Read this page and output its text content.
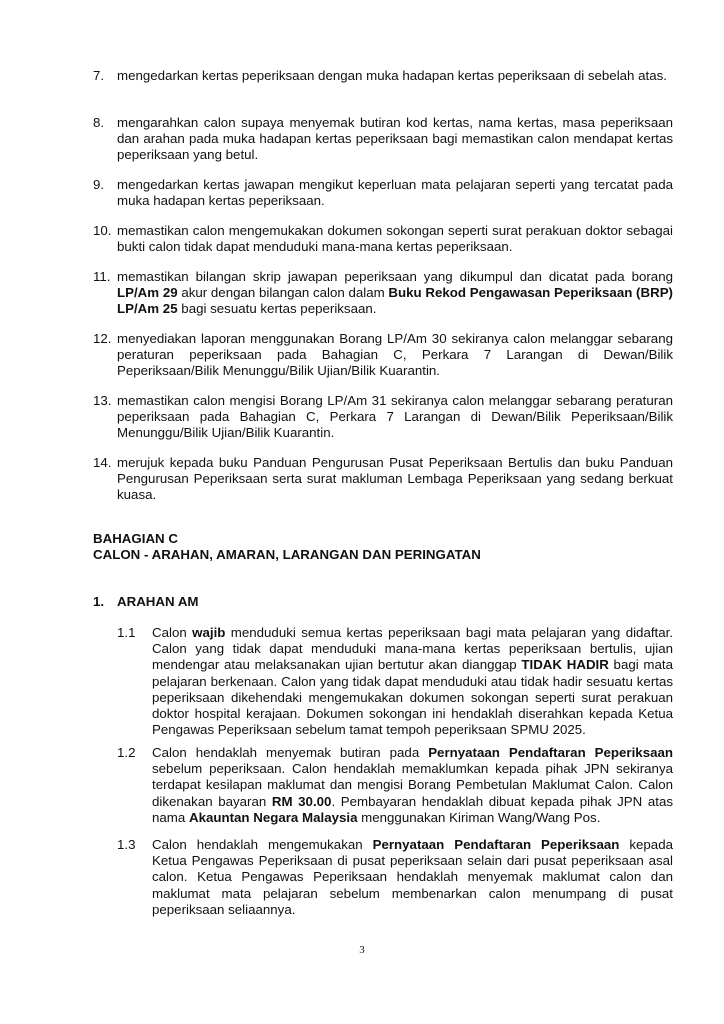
7. mengedarkan kertas peperiksaan dengan muka hadapan kertas peperiksaan di sebelah atas.

8. mengarahkan calon supaya menyemak butiran kod kertas, nama kertas, masa peperiksaan dan arahan pada muka hadapan kertas peperiksaan bagi memastikan calon mendapat kertas peperiksaan yang betul.

9. mengedarkan kertas jawapan mengikut keperluan mata pelajaran seperti yang tercatat pada muka hadapan kertas peperiksaan.

10. memastikan calon mengemukakan dokumen sokongan seperti surat perakuan doktor sebagai bukti calon tidak dapat menduduki mana-mana kertas peperiksaan.

11. memastikan bilangan skrip jawapan peperiksaan yang dikumpul dan dicatat pada borang LP/Am 29 akur dengan bilangan calon dalam Buku Rekod Pengawasan Peperiksaan (BRP) LP/Am 25 bagi sesuatu kertas peperiksaan.

12. menyediakan laporan menggunakan Borang LP/Am 30 sekiranya calon melanggar sebarang peraturan peperiksaan pada Bahagian C, Perkara 7 Larangan di Dewan/Bilik Peperiksaan/Bilik Menunggu/Bilik Ujian/Bilik Kuarantin.

13. memastikan calon mengisi Borang LP/Am 31 sekiranya calon melanggar sebarang peraturan peperiksaan pada Bahagian C, Perkara 7 Larangan di Dewan/Bilik Peperiksaan/Bilik Menunggu/Bilik Ujian/Bilik Kuarantin.

14. merujuk kepada buku Panduan Pengurusan Pusat Peperiksaan Bertulis dan buku Panduan Pengurusan Peperiksaan serta surat makluman Lembaga Peperiksaan yang sedang berkuat kuasa.

BAHAGIAN C
CALON - ARAHAN, AMARAN, LARANGAN DAN PERINGATAN
1. ARAHAN AM
1.1 Calon wajib menduduki semua kertas peperiksaan bagi mata pelajaran yang didaftar. Calon yang tidak dapat menduduki mana-mana kertas peperiksaan bertulis, ujian mendengar atau melaksanakan ujian bertutur akan dianggap TIDAK HADIR bagi mata pelajaran berkenaan. Calon yang tidak dapat menduduki atau tidak hadir sesuatu kertas peperiksaan dikehendaki mengemukakan dokumen sokongan seperti surat perakuan doktor hospital kerajaan. Dokumen sokongan ini hendaklah diserahkan kepada Ketua Pengawas Peperiksaan sebelum tamat tempoh peperiksaan SPMU 2025.

1.2 Calon hendaklah menyemak butiran pada Pernyataan Pendaftaran Peperiksaan sebelum peperiksaan. Calon hendaklah memaklumkan kepada pihak JPN sekiranya terdapat kesilapan maklumat dan mengisi Borang Pembetulan Maklumat Calon. Calon dikenakan bayaran RM 30.00. Pembayaran hendaklah dibuat kepada pihak JPN atas nama Akauntan Negara Malaysia menggunakan Kiriman Wang/Wang Pos.

1.3 Calon hendaklah mengemukakan Pernyataan Pendaftaran Peperiksaan kepada Ketua Pengawas Peperiksaan di pusat peperiksaan selain dari pusat peperiksaan asal calon. Ketua Pengawas Peperiksaan hendaklah menyemak maklumat calon dan maklumat mata pelajaran sebelum membenarkan calon menumpang di pusat peperiksaan seliaannya.

3
